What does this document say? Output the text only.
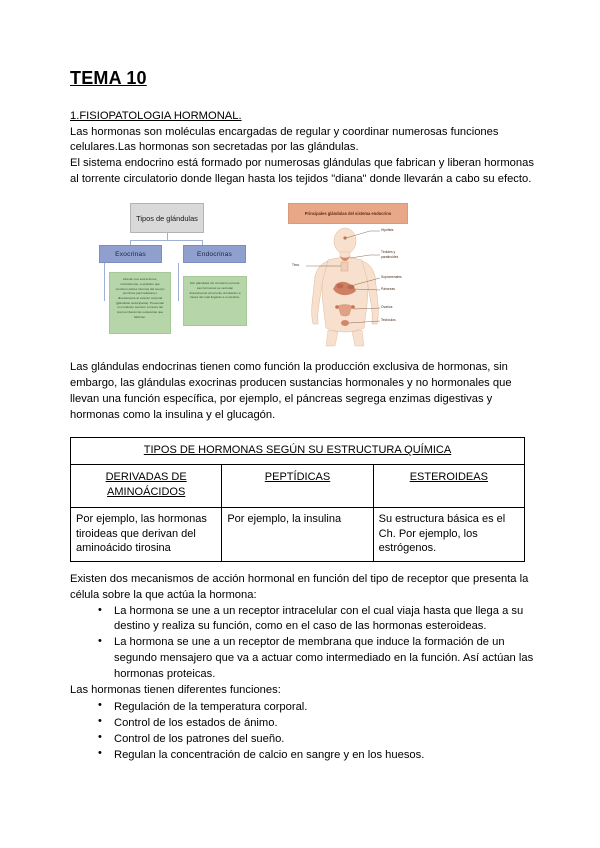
TEMA 10
1.FISIOPATOLOGIA HORMONAL.

Las hormonas son moléculas encargadas de regular y coordinar numerosas funciones celulares.Las hormonas son secretadas por las glándulas.

El sistema endocrino está formado por numerosas glándulas que fabrican y liberan hormonas al torrente circulatorio donde llegan hasta los tejidos "diana" donde llevarán a cabo su efecto.

Tipos de glándulas
Exocrinas	Endocrinas
Liberan sus secreciones, normalmente, a epitelios que recubren partes internas del cuerpo (enzimas pancreáticas) o directamente al exterior corporal (glándulas sudoríparas). Presentan un conducto secretor a través del cual se liberan las sustancias que fabrican.
Son glándulas sin conducto excretor. Las hormonas se secretan directamente al torrente circulatorio a través del cual llegarán a su destino.
Principales glándulas del sistema endocrino
Hipófisis
Tiroides y paratiroides
Suprarrenales
Páncreas
Ovarios
Testículos
Timo

Las glándulas endocrinas tienen como función la producción exclusiva de hormonas, sin embargo, las glándulas exocrinas producen sustancias hormonales y no hormonales que llevan una función específica, por ejemplo, el páncreas segrega enzimas digestivas y hormonas como la insulina y el glucagón.

TIPOS DE HORMONAS SEGÚN SU ESTRUCTURA QUÍMICA		
DERIVADAS DE AMINOÁCIDOS	PEPTÍDICAS	ESTEROIDEAS
Por ejemplo, las hormonas tiroideas que derivan del aminoácido tirosina	Por ejemplo, la insulina	Su estructura básica es el Ch. Por ejemplo, los estrógenos.

Existen dos mecanismos de acción hormonal en función del tipo de receptor que presenta la célula sobre la que actúa la hormona:

• La hormona se une a un receptor intracelular con el cual viaja hasta que llega a su destino y realiza su función, como en el caso de las hormonas esteroideas.
• La hormona se une a un receptor de membrana que induce la formación de un segundo mensajero que va a actuar como intermediado en la función. Así actúan las hormonas proteicas.

Las hormonas tienen diferentes funciones:

• Regulación de la temperatura corporal.
• Control de los estados de ánimo.
• Control de los patrones del sueño.
• Regulan la concentración de calcio en sangre y en los huesos.
